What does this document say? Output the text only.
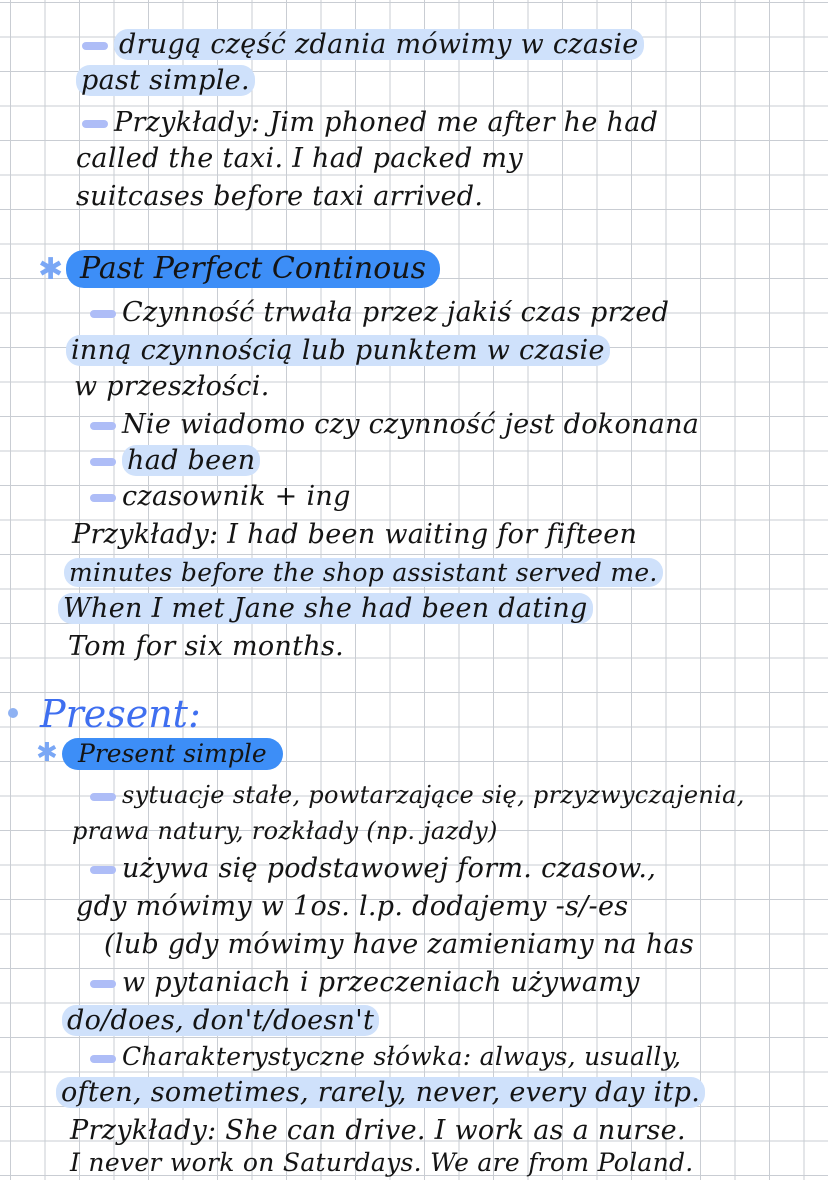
drugą część zdania mówimy w czasie
past simple.
Przykłady: Jim phoned me after he had
called the taxi. I had packed my
suitcases before taxi arrived.
✱ Past Perfect Continous
Czynność trwała przez jakiś czas przed
inną czynnością lub punktem w czasie
w przeszłości.
Nie wiadomo czy czynność jest dokonana
had been
czasownik + ing
Przykłady: I had been waiting for fifteen
minutes before the shop assistant served me.
When I met Jane she had been dating
Tom for six months.
Present:
✱ Present simple
sytuacje stałe, powtarzające się, przyzwyczajenia,
prawa natury, rozkłady (np. jazdy)
używa się podstawowej form. czasow.,
gdy mówimy w 1os. l.p. dodajemy -s/-es
(lub gdy mówimy have zamieniamy na has
w pytaniach i przeczeniach używamy
do/does, don't/doesn't
Charakterystyczne słówka: always, usually,
often, sometimes, rarely, never, every day itp.
Przykłady: She can drive. I work as a nurse.
I never work on Saturdays. We are from Poland.
